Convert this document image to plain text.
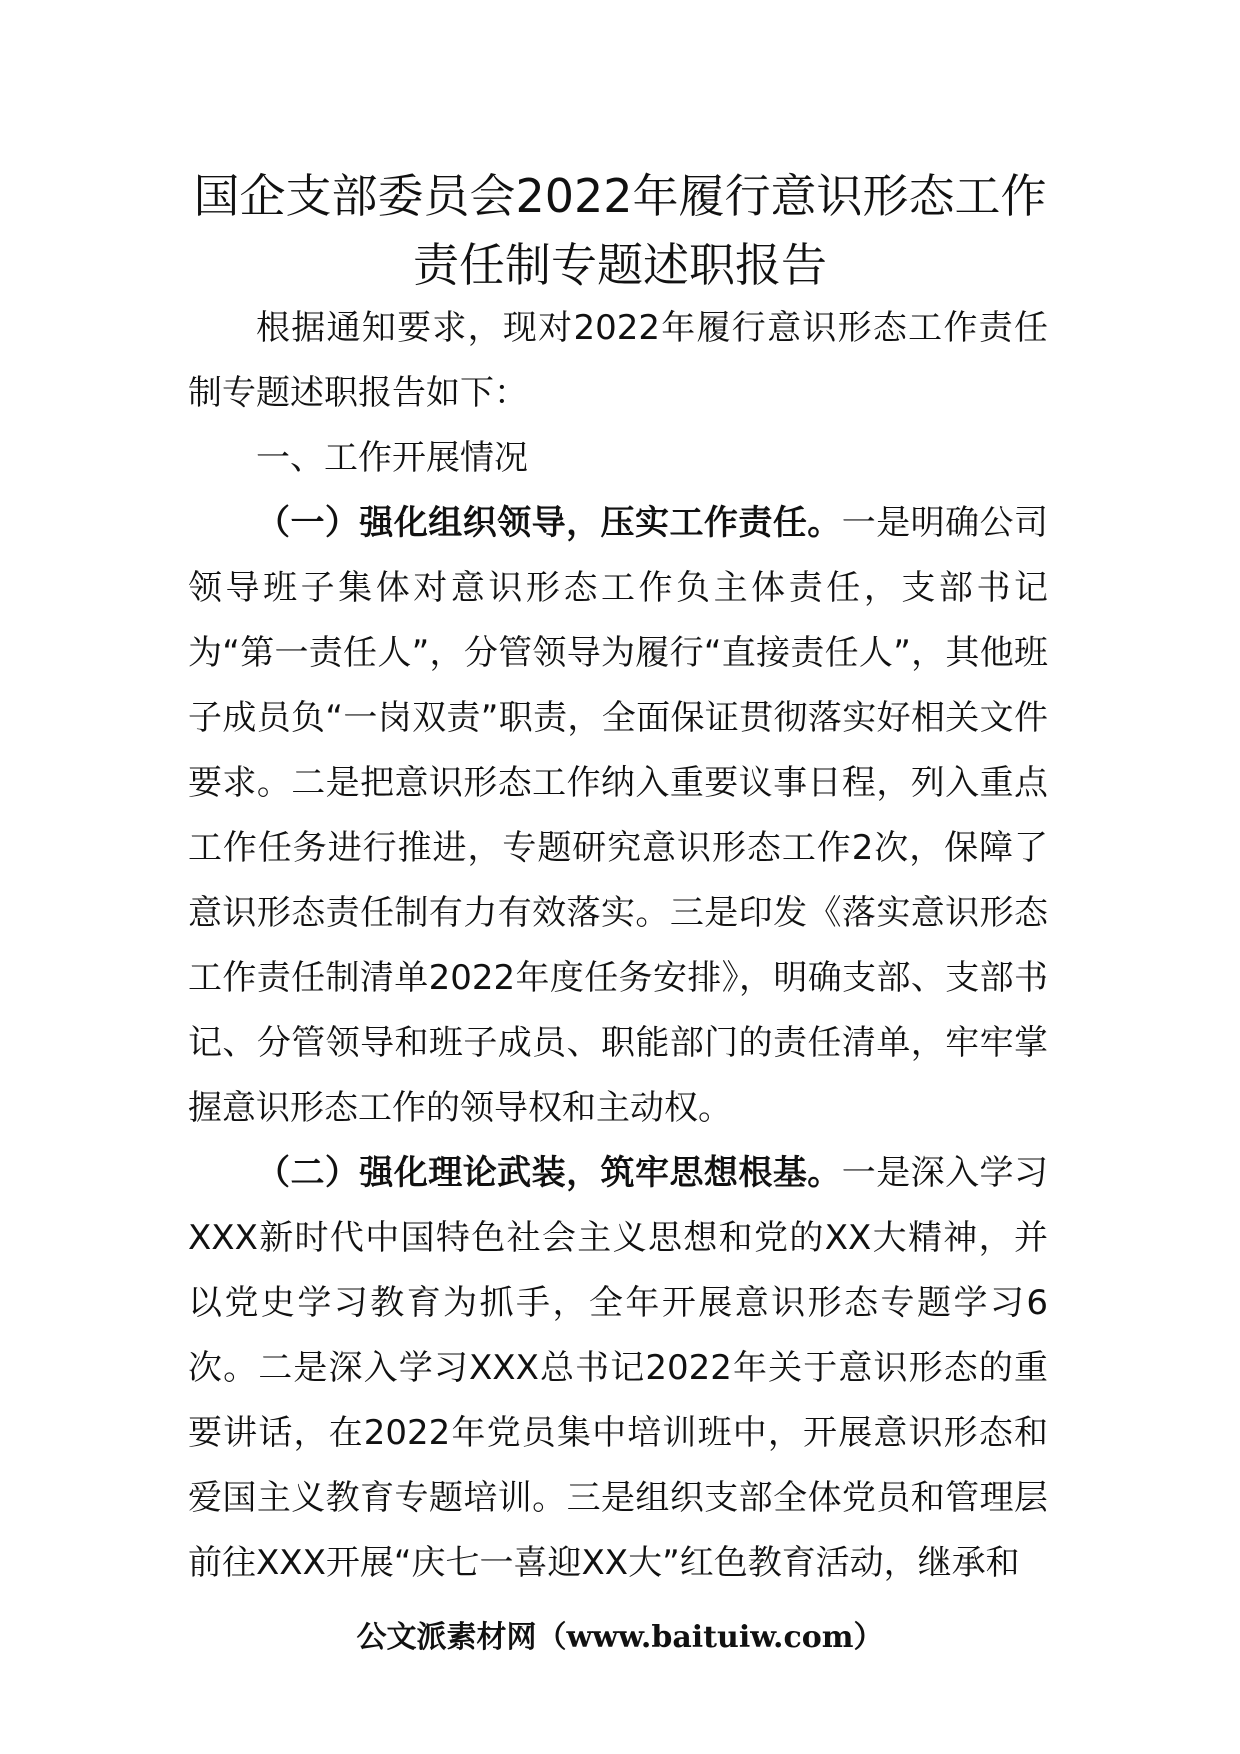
国企支部委员会2022年履行意识形态工作
责任制专题述职报告

根据通知要求，现对2022年履行意识形态工作责任制专题述职报告如下：

一、工作开展情况

（一）强化组织领导，压实工作责任。一是明确公司领导班子集体对意识形态工作负主体责任，支部书记为“第一责任人”，分管领导为履行“直接责任人”，其他班子成员负“一岗双责”职责，全面保证贯彻落实好相关文件要求。二是把意识形态工作纳入重要议事日程，列入重点工作任务进行推进，专题研究意识形态工作2次，保障了意识形态责任制有力有效落实。三是印发《落实意识形态工作责任制清单2022年度任务安排》，明确支部、支部书记、分管领导和班子成员、职能部门的责任清单，牢牢掌握意识形态工作的领导权和主动权。

（二）强化理论武装，筑牢思想根基。一是深入学习XXX新时代中国特色社会主义思想和党的XX大精神，并以党史学习教育为抓手，全年开展意识形态专题学习6次。二是深入学习XXX总书记2022年关于意识形态的重要讲话，在2022年党员集中培训班中，开展意识形态和爱国主义教育专题培训。三是组织支部全体党员和管理层前往XXX开展“庆七一喜迎XX大”红色教育活动，继承和

公文派素材网（www.baituiw.com）
